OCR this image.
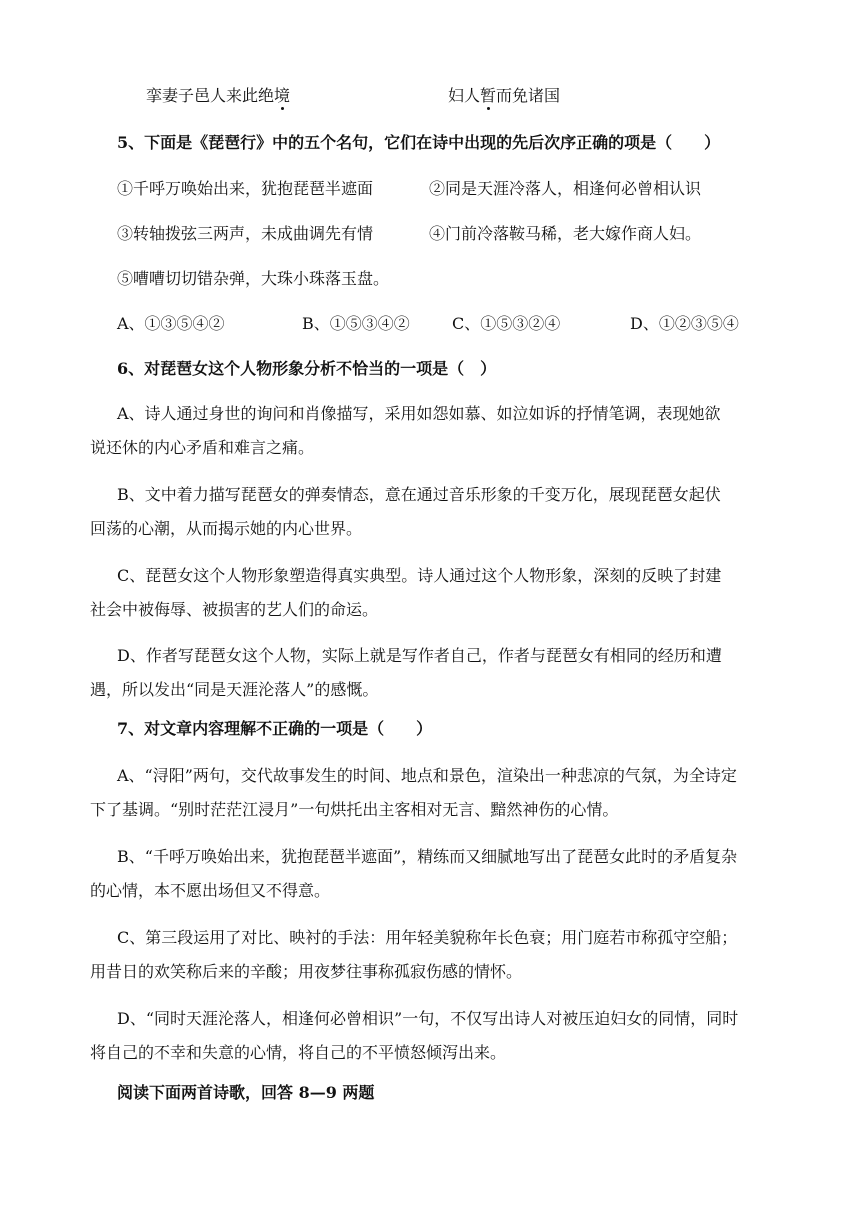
挛妻子邑人来此绝境	妇人暂而免诸国
5、下面是《琵琶行》中的五个名句，它们在诗中出现的先后次序正确的项是（　　）
①千呼万唤始出来，犹抱琵琶半遮面	②同是天涯冷落人，相逢何必曾相认识
③转轴拨弦三两声，未成曲调先有情	④门前冷落鞍马稀，老大嫁作商人妇。
⑤嘈嘈切切错杂弹，大珠小珠落玉盘。
A、①③⑤④②	B、①⑤③④②	C、①⑤③②④	D、①②③⑤④
6、对琵琶女这个人物形象分析不恰当的一项是（　）
A、诗人通过身世的询问和肖像描写，采用如怨如慕、如泣如诉的抒情笔调，表现她欲
说还休的内心矛盾和难言之痛。
B、文中着力描写琵琶女的弹奏情态，意在通过音乐形象的千变万化，展现琵琶女起伏
回荡的心潮，从而揭示她的内心世界。
C、琵琶女这个人物形象塑造得真实典型。诗人通过这个人物形象，深刻的反映了封建
社会中被侮辱、被损害的艺人们的命运。
D、作者写琵琶女这个人物，实际上就是写作者自己，作者与琵琶女有相同的经历和遭
遇，所以发出“同是天涯沦落人”的感慨。
7、对文章内容理解不正确的一项是（　　）
A、“浔阳”两句，交代故事发生的时间、地点和景色，渲染出一种悲凉的气氛，为全诗定
下了基调。“别时茫茫江浸月”一句烘托出主客相对无言、黯然神伤的心情。
B、“千呼万唤始出来，犹抱琵琶半遮面”，精练而又细腻地写出了琵琶女此时的矛盾复杂
的心情，本不愿出场但又不得意。
C、第三段运用了对比、映衬的手法：用年轻美貌称年长色衰；用门庭若市称孤守空船；
用昔日的欢笑称后来的辛酸；用夜梦往事称孤寂伤感的情怀。
D、“同时天涯沦落人，相逢何必曾相识”一句，不仅写出诗人对被压迫妇女的同情，同时
将自己的不幸和失意的心情，将自己的不平愤怒倾泻出来。
阅读下面两首诗歌，回答 8—9 两题
